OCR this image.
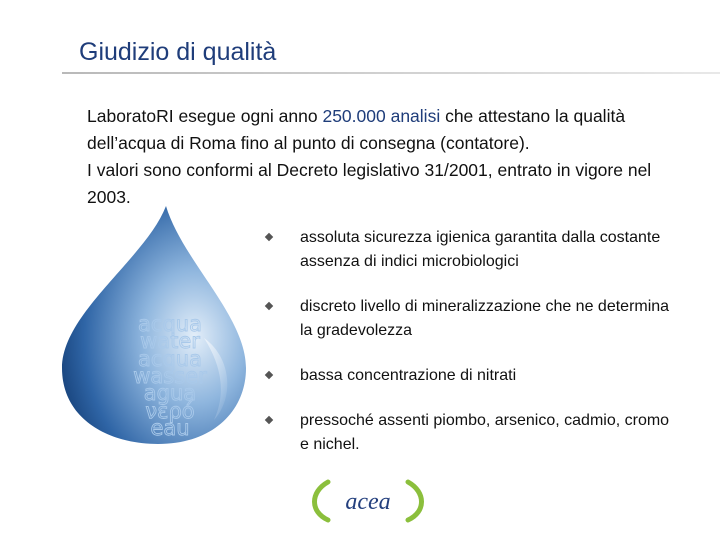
Giudizio di qualità

LaboratoRI esegue ogni anno 250.000 analisi che attestano la qualità dell’acqua di Roma fino al punto di consegna (contatore).

I valori sono conformi al Decreto legislativo 31/2001, entrato in vigore nel 2003.

acqua
water
acqua
wasser
agua
νερό
eau
assoluta sicurezza igienica garantita dalla costante assenza di indici microbiologici
discreto livello di mineralizzazione che ne determina la gradevolezza
bassa concentrazione di nitrati
pressoché assenti piombo, arsenico, cadmio, cromo e nichel.
acea
